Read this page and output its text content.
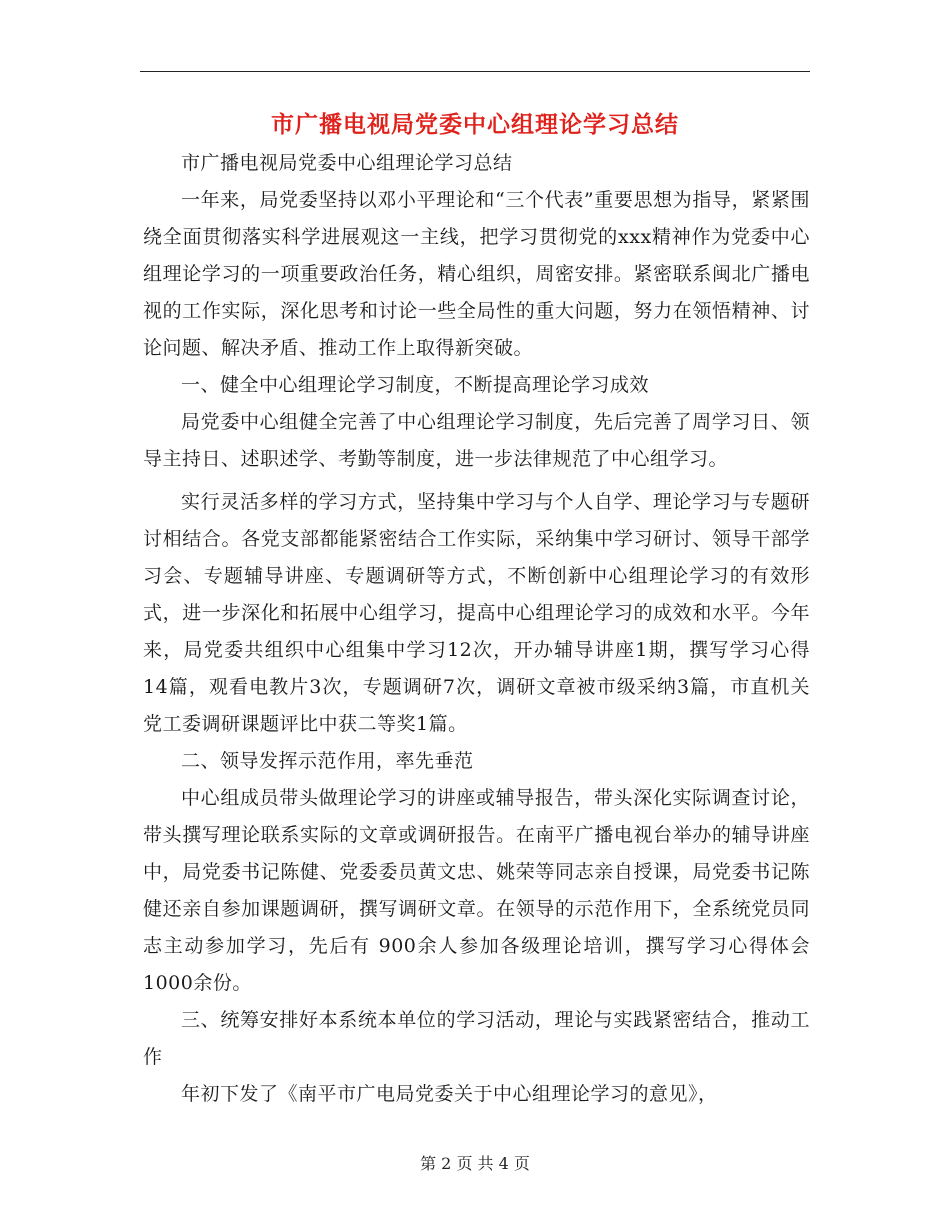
市广播电视局党委中心组理论学习总结

市广播电视局党委中心组理论学习总结

一年来，局党委坚持以邓小平理论和“三个代表”重要思想为指导，紧紧围绕全面贯彻落实科学进展观这一主线，把学习贯彻党的xxx精神作为党委中心组理论学习的一项重要政治任务，精心组织，周密安排。紧密联系闽北广播电视的工作实际，深化思考和讨论一些全局性的重大问题，努力在领悟精神、讨论问题、解决矛盾、推动工作上取得新突破。

一、健全中心组理论学习制度，不断提高理论学习成效

局党委中心组健全完善了中心组理论学习制度，先后完善了周学习日、领导主持日、述职述学、考勤等制度，进一步法律规范了中心组学习。

实行灵活多样的学习方式，坚持集中学习与个人自学、理论学习与专题研讨相结合。各党支部都能紧密结合工作实际，采纳集中学习研讨、领导干部学习会、专题辅导讲座、专题调研等方式，不断创新中心组理论学习的有效形式，进一步深化和拓展中心组学习，提高中心组理论学习的成效和水平。今年来，局党委共组织中心组集中学习12次，开办辅导讲座1期，撰写学习心得　14篇，观看电教片3次，专题调研7次，调研文章被市级采纳3篇，市直机关党工委调研课题评比中获二等奖1篇。

二、领导发挥示范作用，率先垂范

中心组成员带头做理论学习的讲座或辅导报告，带头深化实际调查讨论，带头撰写理论联系实际的文章或调研报告。在南平广播电视台举办的辅导讲座中，局党委书记陈健、党委委员黄文忠、姚荣等同志亲自授课，局党委书记陈健还亲自参加课题调研，撰写调研文章。在领导的示范作用下，全系统党员同志主动参加学习，先后有 900余人参加各级理论培训，撰写学习心得体会1000余份。

三、统筹安排好本系统本单位的学习活动，理论与实践紧密结合，推动工作

年初下发了《南平市广电局党委关于中心组理论学习的意见》，

第 2 页 共 4 页
